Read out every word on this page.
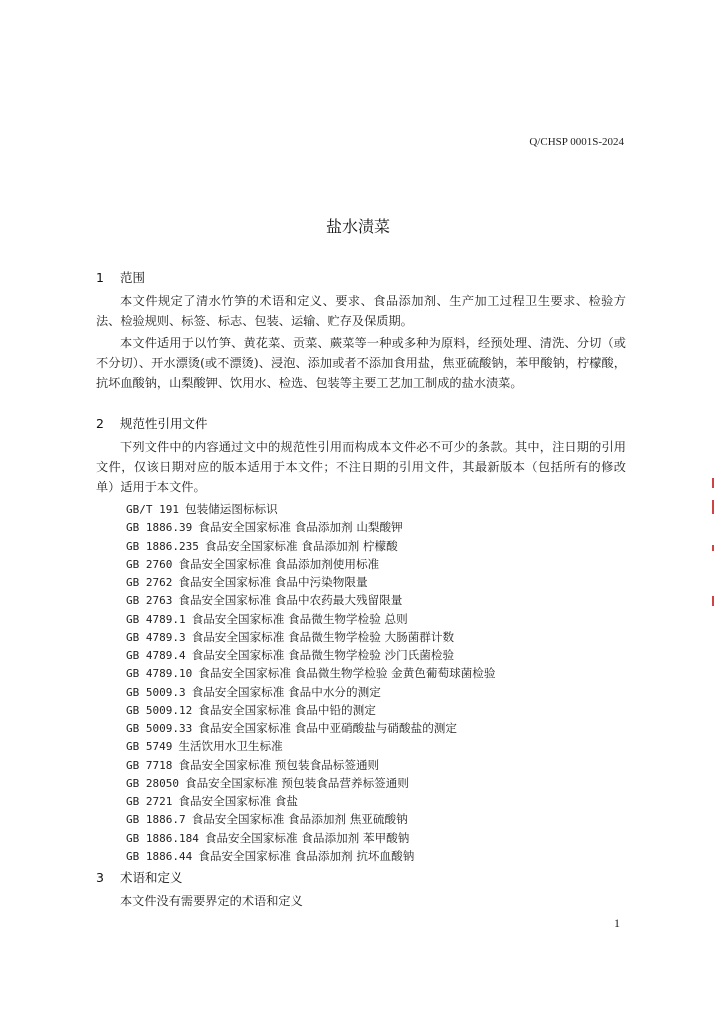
Q/CHSP 0001S-2024
盐水渍菜
1 范围
本文件规定了清水竹笋的术语和定义、要求、食品添加剂、生产加工过程卫生要求、检验方法、检验规则、标签、标志、包装、运输、贮存及保质期。
本文件适用于以竹笋、黄花菜、贡菜、蕨菜等一种或多种为原料，经预处理、清洗、分切（或不分切）、开水漂烫(或不漂烫)、浸泡、添加或者不添加食用盐，焦亚硫酸钠，苯甲酸钠，柠檬酸，抗坏血酸钠，山梨酸钾、饮用水、检选、包装等主要工艺加工制成的盐水渍菜。
2 规范性引用文件
下列文件中的内容通过文中的规范性引用而构成本文件必不可少的条款。其中，注日期的引用文件，仅该日期对应的版本适用于本文件；不注日期的引用文件，其最新版本（包括所有的修改单）适用于本文件。
GB/T 191 包装储运图标标识
GB 1886.39 食品安全国家标准 食品添加剂 山梨酸钾
GB 1886.235 食品安全国家标准 食品添加剂 柠檬酸
GB 2760 食品安全国家标准 食品添加剂使用标准
GB 2762 食品安全国家标准 食品中污染物限量
GB 2763 食品安全国家标准 食品中农药最大残留限量
GB 4789.1 食品安全国家标准 食品微生物学检验 总则
GB 4789.3 食品安全国家标准 食品微生物学检验 大肠菌群计数
GB 4789.4 食品安全国家标准 食品微生物学检验 沙门氏菌检验
GB 4789.10 食品安全国家标准 食品微生物学检验 金黄色葡萄球菌检验
GB 5009.3 食品安全国家标准 食品中水分的测定
GB 5009.12 食品安全国家标准 食品中铅的测定
GB 5009.33 食品安全国家标准 食品中亚硝酸盐与硝酸盐的测定
GB 5749 生活饮用水卫生标准
GB 7718 食品安全国家标准 预包装食品标签通则
GB 28050 食品安全国家标准 预包装食品营养标签通则
GB 2721 食品安全国家标准 食盐
GB 1886.7 食品安全国家标准 食品添加剂 焦亚硫酸钠
GB 1886.184 食品安全国家标准 食品添加剂 苯甲酸钠
GB 1886.44 食品安全国家标准 食品添加剂 抗坏血酸钠
3 术语和定义
本文件没有需要界定的术语和定义
1
